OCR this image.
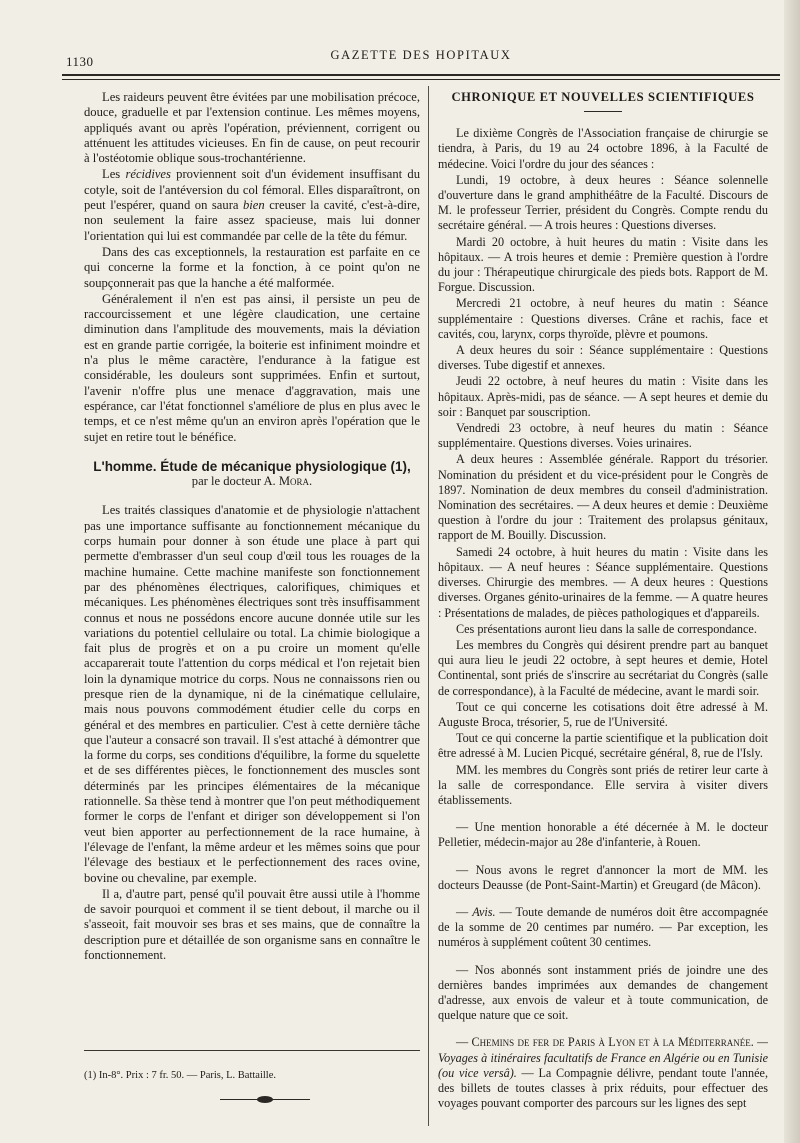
1130	GAZETTE DES HOPITAUX

Les raideurs peuvent être évitées par une mobilisation précoce, douce, graduelle et par l'extension continue. Les mêmes moyens, appliqués avant ou après l'opération, préviennent, corrigent ou atténuent les attitudes vicieuses. En fin de cause, on peut recourir à l'ostéotomie oblique sous-trochantérienne.

Les récidives proviennent soit d'un évidement insuffisant du cotyle, soit de l'antéversion du col fémoral. Elles disparaîtront, on peut l'espérer, quand on saura bien creuser la cavité, c'est-à-dire, non seulement la faire assez spacieuse, mais lui donner l'orientation qui lui est commandée par celle de la tête du fémur.

Dans des cas exceptionnels, la restauration est parfaite en ce qui concerne la forme et la fonction, à ce point qu'on ne soupçonnerait pas que la hanche a été malformée.

Généralement il n'en est pas ainsi, il persiste un peu de raccourcissement et une légère claudication, une certaine diminution dans l'amplitude des mouvements, mais la déviation est en grande partie corrigée, la boiterie est infiniment moindre et n'a plus le même caractère, l'endurance à la fatigue est considérable, les douleurs sont supprimées. Enfin et surtout, l'avenir n'offre plus une menace d'aggravation, mais une espérance, car l'état fonctionnel s'améliore de plus en plus avec le temps, et ce n'est même qu'un an environ après l'opération que le sujet en retire tout le bénéfice.

L'homme. Étude de mécanique physiologique (1),
par le docteur A. Mora.

Les traités classiques d'anatomie et de physiologie n'attachent pas une importance suffisante au fonctionnement mécanique du corps humain pour donner à son étude une place à part qui permette d'embrasser d'un seul coup d'œil tous les rouages de la machine humaine. Cette machine manifeste son fonctionnement par des phénomènes électriques, calorifiques, chimiques et mécaniques. Les phénomènes électriques sont très insuffisamment connus et nous ne possédons encore aucune donnée utile sur les variations du potentiel cellulaire ou total. La chimie biologique a fait plus de progrès et on a pu croire un moment qu'elle accaparerait toute l'attention du corps médical et l'on rejetait bien loin la dynamique motrice du corps. Nous ne connaissons rien ou presque rien de la dynamique, ni de la cinématique cellulaire, mais nous pouvons commodément étudier celle du corps en général et des membres en particulier. C'est à cette dernière tâche que l'auteur a consacré son travail. Il s'est attaché à démontrer que la forme du corps, ses conditions d'équilibre, la forme du squelette et de ses différentes pièces, le fonctionnement des muscles sont déterminés par les principes élémentaires de la mécanique rationnelle. Sa thèse tend à montrer que l'on peut méthodiquement former le corps de l'enfant et diriger son développement si l'on veut bien apporter au perfectionnement de la race humaine, à l'élevage de l'enfant, la même ardeur et les mêmes soins que pour l'élevage des bestiaux et le perfectionnement des races ovine, bovine ou chevaline, par exemple.

Il a, d'autre part, pensé qu'il pouvait être aussi utile à l'homme de savoir pourquoi et comment il se tient debout, il marche ou il s'asseoit, fait mouvoir ses bras et ses mains, que de connaître la description pure et détaillée de son organisme sans en connaître le fonctionnement.

(1) In-8°. Prix : 7 fr. 50. — Paris, L. Battaille.
CHRONIQUE ET NOUVELLES SCIENTIFIQUES

Le dixième Congrès de l'Association française de chirurgie se tiendra, à Paris, du 19 au 24 octobre 1896, à la Faculté de médecine. Voici l'ordre du jour des séances :

Lundi, 19 octobre, à deux heures : Séance solennelle d'ouverture dans le grand amphithéâtre de la Faculté. Discours de M. le professeur Terrier, président du Congrès. Compte rendu du secrétaire général. — A trois heures : Questions diverses.

Mardi 20 octobre, à huit heures du matin : Visite dans les hôpitaux. — A trois heures et demie : Première question à l'ordre du jour : Thérapeutique chirurgicale des pieds bots. Rapport de M. Forgue. Discussion.

Mercredi 21 octobre, à neuf heures du matin : Séance supplémentaire : Questions diverses. Crâne et rachis, face et cavités, cou, larynx, corps thyroïde, plèvre et poumons.

A deux heures du soir : Séance supplémentaire : Questions diverses. Tube digestif et annexes.

Jeudi 22 octobre, à neuf heures du matin : Visite dans les hôpitaux. Après-midi, pas de séance. — A sept heures et demie du soir : Banquet par souscription.

Vendredi 23 octobre, à neuf heures du matin : Séance supplémentaire. Questions diverses. Voies urinaires.

A deux heures : Assemblée générale. Rapport du trésorier. Nomination du président et du vice-président pour le Congrès de 1897. Nomination de deux membres du conseil d'administration. Nomination des secrétaires. — A deux heures et demie : Deuxième question à l'ordre du jour : Traitement des prolapsus génitaux, rapport de M. Bouilly. Discussion.

Samedi 24 octobre, à huit heures du matin : Visite dans les hôpitaux. — A neuf heures : Séance supplémentaire. Questions diverses. Chirurgie des membres. — A deux heures : Questions diverses. Organes génito-urinaires de la femme. — A quatre heures : Présentations de malades, de pièces pathologiques et d'appareils.

Ces présentations auront lieu dans la salle de correspondance.

Les membres du Congrès qui désirent prendre part au banquet qui aura lieu le jeudi 22 octobre, à sept heures et demie, Hotel Continental, sont priés de s'inscrire au secrétariat du Congrès (salle de correspondance), à la Faculté de médecine, avant le mardi soir.

Tout ce qui concerne les cotisations doit être adressé à M. Auguste Broca, trésorier, 5, rue de l'Université.

Tout ce qui concerne la partie scientifique et la publication doit être adressé à M. Lucien Picqué, secrétaire général, 8, rue de l'Isly.

MM. les membres du Congrès sont priés de retirer leur carte à la salle de correspondance. Elle servira à visiter divers établissements.

— Une mention honorable a été décernée à M. le docteur Pelletier, médecin-major au 28e d'infanterie, à Rouen.

— Nous avons le regret d'annoncer la mort de MM. les docteurs Deausse (de Pont-Saint-Martin) et Greugard (de Mâcon).

— Avis. — Toute demande de numéros doit être accompagnée de la somme de 20 centimes par numéro. — Par exception, les numéros à supplément coûtent 30 centimes.

— Nos abonnés sont instamment priés de joindre une des dernières bandes imprimées aux demandes de changement d'adresse, aux envois de valeur et à toute communication, de quelque nature que ce soit.

— Chemins de fer de Paris à Lyon et à la Méditerranée. — Voyages à itinéraires facultatifs de France en Algérie ou en Tunisie (ou vice versâ). — La Compagnie délivre, pendant toute l'année, des billets de toutes classes à prix réduits, pour effectuer des voyages pouvant comporter des parcours sur les lignes des sept
